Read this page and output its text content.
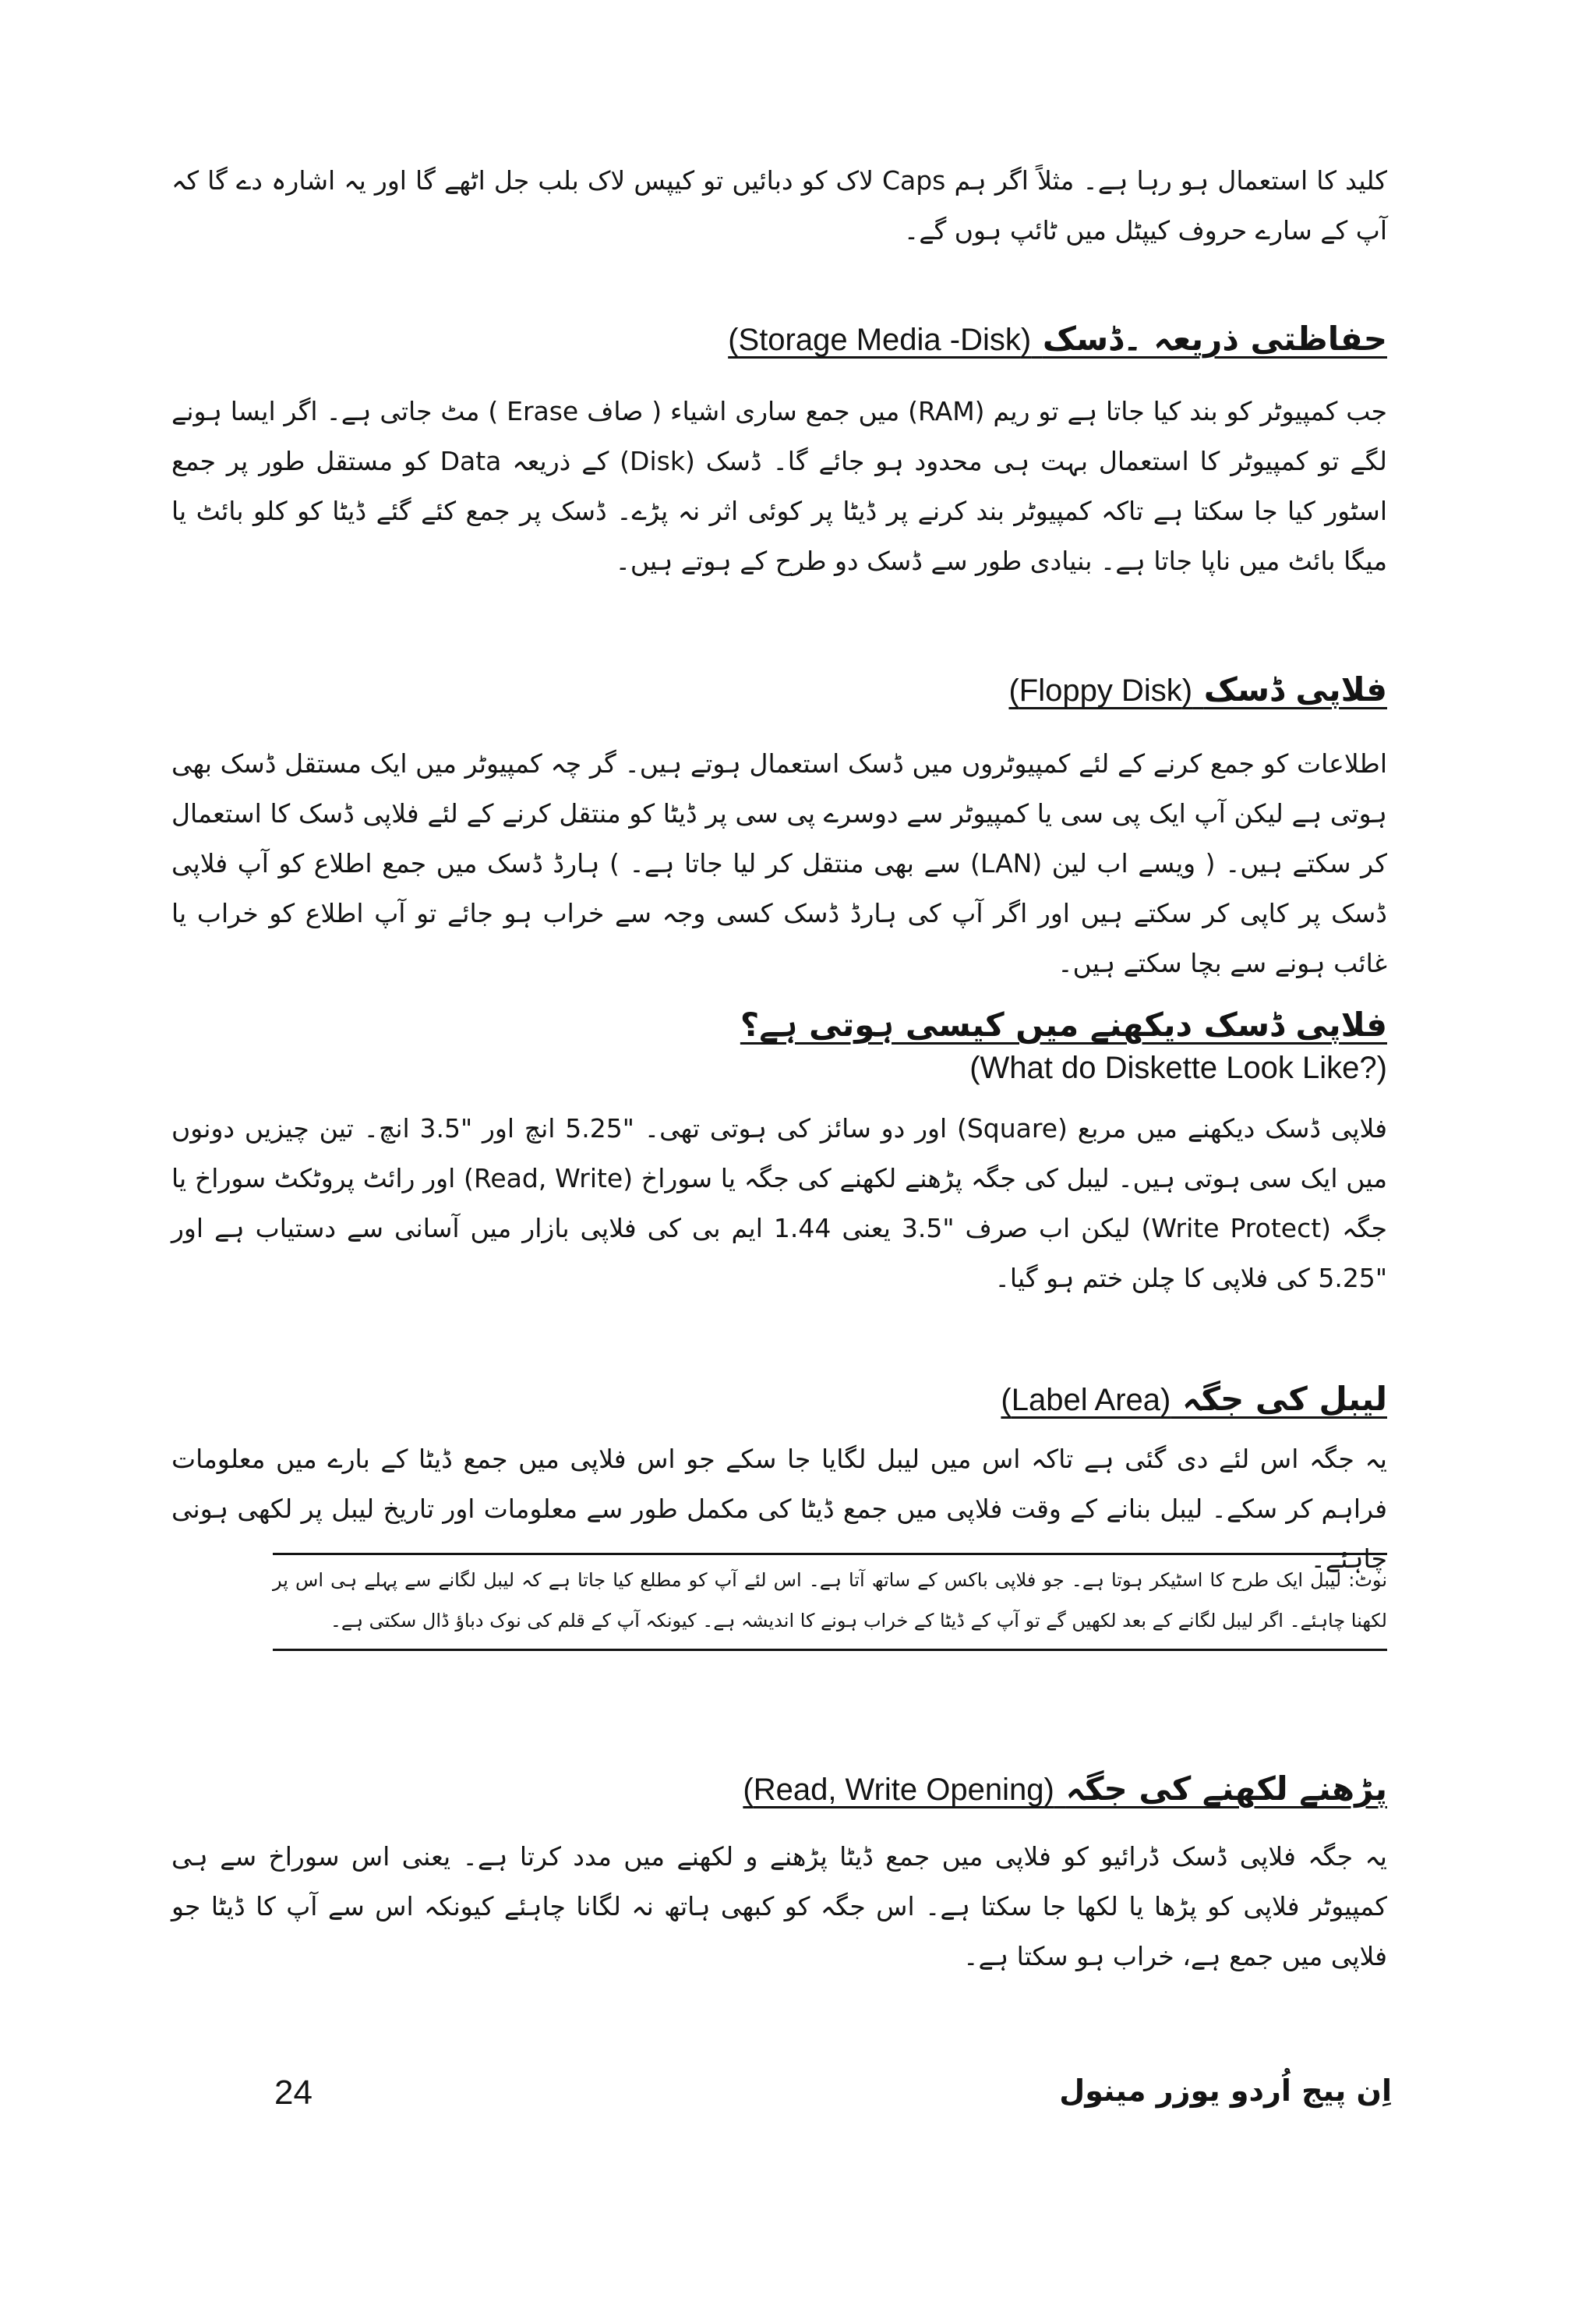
کلید کا استعمال ہو رہا ہے۔ مثلاً اگر ہم Caps لاک کو دبائیں تو کیپس لاک بلب جل اٹھے گا اور یہ اشارہ دے گا کہ آپ کے سارے حروف کیپٹل میں ٹائپ ہوں گے۔

حفاظتی ذریعہ ۔ڈسک (Storage Media -Disk)

جب کمپیوٹر کو بند کیا جاتا ہے تو ریم (RAM) میں جمع ساری اشیاء ( صاف Erase ) مٹ جاتی ہے۔ اگر ایسا ہونے لگے تو کمپیوٹر کا استعمال بہت ہی محدود ہو جائے گا۔ ڈسک (Disk) کے ذریعہ Data کو مستقل طور پر جمع اسٹور کیا جا سکتا ہے تاکہ کمپیوٹر بند کرنے پر ڈیٹا پر کوئی اثر نہ پڑے۔ ڈسک پر جمع کئے گئے ڈیٹا کو کلو بائٹ یا میگا بائٹ میں ناپا جاتا ہے۔ بنیادی طور سے ڈسک دو طرح کے ہوتے ہیں۔

فلاپی ڈسک (Floppy Disk)

اطلاعات کو جمع کرنے کے لئے کمپیوٹروں میں ڈسک استعمال ہوتے ہیں۔ گر چہ کمپیوٹر میں ایک مستقل ڈسک بھی ہوتی ہے لیکن آپ ایک پی سی یا کمپیوٹر سے دوسرے پی سی پر ڈیٹا کو منتقل کرنے کے لئے فلاپی ڈسک کا استعمال کر سکتے ہیں۔ ( ویسے اب لین (LAN) سے بھی منتقل کر لیا جاتا ہے۔ ) ہارڈ ڈسک میں جمع اطلاع کو آپ فلاپی ڈسک پر کاپی کر سکتے ہیں اور اگر آپ کی ہارڈ ڈسک کسی وجہ سے خراب ہو جائے تو آپ اطلاع کو خراب یا غائب ہونے سے بچا سکتے ہیں۔

فلاپی ڈسک دیکھنے میں کیسی ہوتی ہے؟

(What do Diskette Look Like?)

فلاپی ڈسک دیکھنے میں مربع (Square) اور دو سائز کی ہوتی تھی۔ "5.25 انچ اور "3.5 انچ۔ تین چیزیں دونوں میں ایک سی ہوتی ہیں۔ لیبل کی جگہ پڑھنے لکھنے کی جگہ یا سوراخ (Read, Write) اور رائٹ پروٹکٹ سوراخ یا جگہ (Write Protect) لیکن اب صرف "3.5 یعنی 1.44 ایم بی کی فلاپی بازار میں آسانی سے دستیاب ہے اور "5.25 کی فلاپی کا چلن ختم ہو گیا۔

لیبل کی جگہ (Label Area)

یہ جگہ اس لئے دی گئی ہے تاکہ اس میں لیبل لگایا جا سکے جو اس فلاپی میں جمع ڈیٹا کے بارے میں معلومات فراہم کر سکے۔ لیبل بنانے کے وقت فلاپی میں جمع ڈیٹا کی مکمل طور سے معلومات اور تاریخ لیبل پر لکھی ہونی چاہئے۔

نوٹ: لیبل ایک طرح کا اسٹیکر ہوتا ہے۔ جو فلاپی باکس کے ساتھ آتا ہے۔ اس لئے آپ کو مطلع کیا جاتا ہے کہ لیبل لگانے سے پہلے ہی اس پر لکھنا چاہئے۔ اگر لیبل لگانے کے بعد لکھیں گے تو آپ کے ڈیٹا کے خراب ہونے کا اندیشہ ہے۔ کیونکہ آپ کے قلم کی نوک دباؤ ڈال سکتی ہے۔

پڑھنے لکھنے کی جگہ (Read, Write Opening)

یہ جگہ فلاپی ڈسک ڈرائیو کو فلاپی میں جمع ڈیٹا پڑھنے و لکھنے میں مدد کرتا ہے۔ یعنی اس سوراخ سے ہی کمپیوٹر فلاپی کو پڑھا یا لکھا جا سکتا ہے۔ اس جگہ کو کبھی ہاتھ نہ لگانا چاہئے کیونکہ اس سے آپ کا ڈیٹا جو فلاپی میں جمع ہے، خراب ہو سکتا ہے۔

24	اِن پیج اُردو یوزر مینول
